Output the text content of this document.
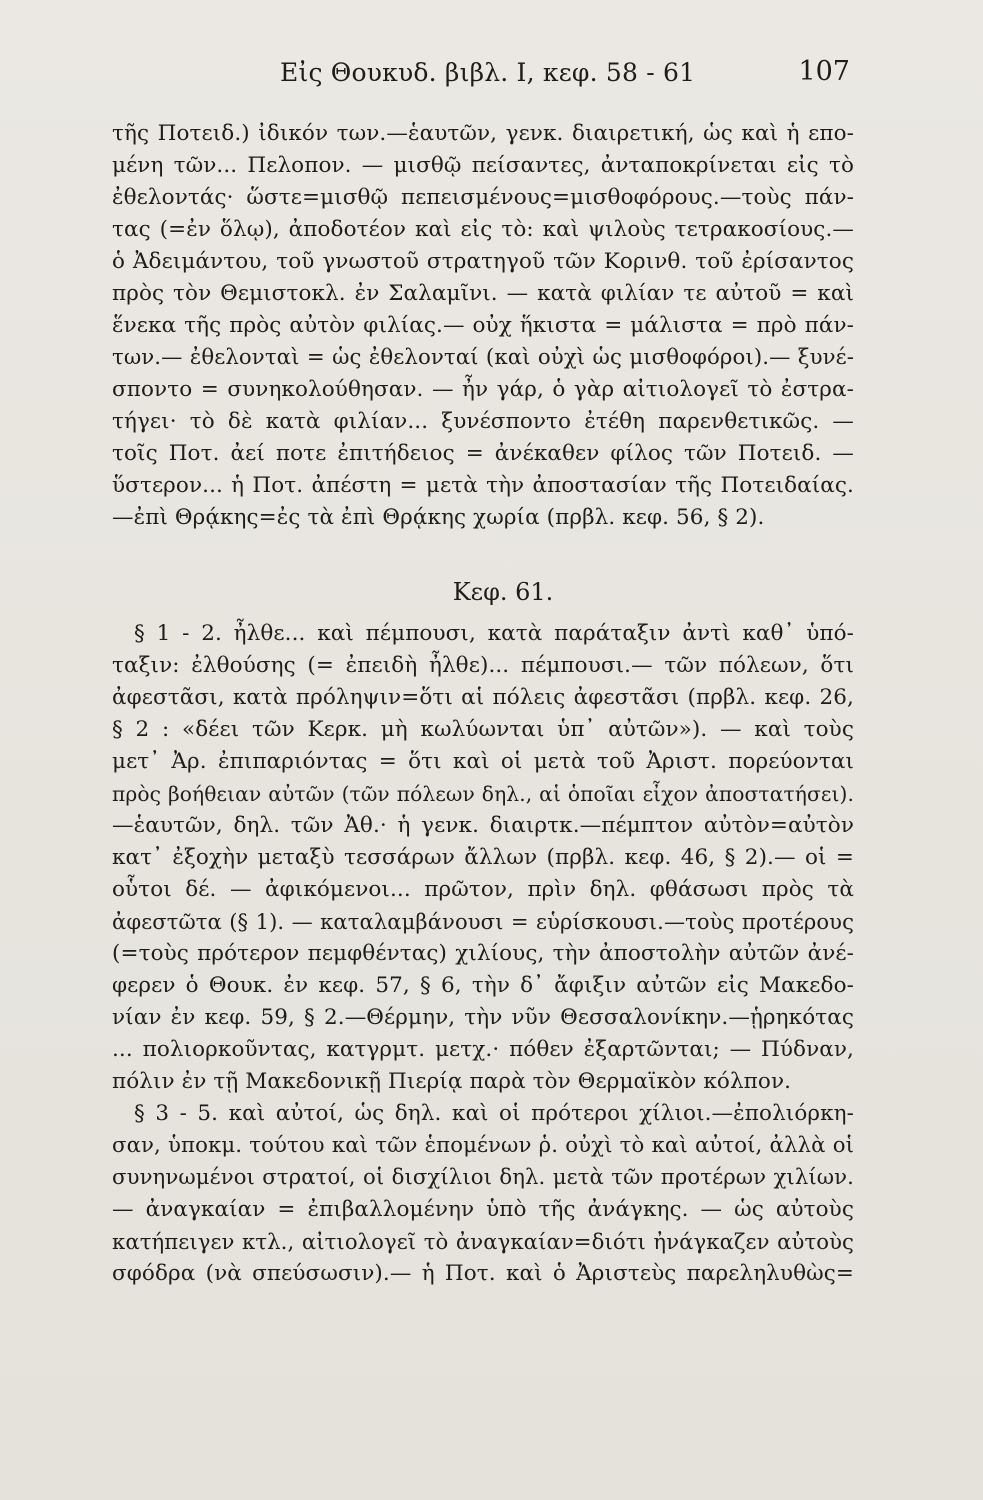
Εἰς Θουκυδ. βιβλ. Ι, κεφ. 58 - 61	107
τῆς Ποτειδ.) ἰδικόν των.—ἑαυτῶν, γενκ. διαιρετική, ὡς καὶ ἡ επο-
μένη τῶν... Πελοπον. — μισθῷ πείσαντες, ἀνταποκρίνεται εἰς τὸ
ἐθελοντάς· ὥστε=μισθῷ πεπεισμένους=μισθοφόρους.—τοὺς πάν-
τας (=ἐν ὅλῳ), ἀποδοτέον καὶ εἰς τὸ: καὶ ψιλοὺς τετρακοσίους.—
ὁ Ἀδειμάντου, τοῦ γνωστοῦ στρατηγοῦ τῶν Κορινθ. τοῦ ἐρίσαντος
πρὸς τὸν Θεμιστοκλ. ἐν Σαλαμῖνι. — κατὰ φιλίαν τε αὐτοῦ = καὶ
ἕνεκα τῆς πρὸς αὐτὸν φιλίας.— οὐχ ἥκιστα = μάλιστα = πρὸ πάν-
των.— ἐθελονταὶ = ὡς ἐθελονταί (καὶ οὐχὶ ὡς μισθοφόροι).— ξυνέ-
σποντο = συνηκολούθησαν. — ἦν γάρ, ὁ γὰρ αἰτιολογεῖ τὸ ἐστρα-
τήγει· τὸ δὲ κατὰ φιλίαν... ξυνέσποντο ἐτέθη παρενθετικῶς. —
τοῖς Ποτ. ἀεί ποτε ἐπιτήδειος = ἀνέκαθεν φίλος τῶν Ποτειδ. —
ὕστερον... ἡ Ποτ. ἀπέστη = μετὰ τὴν ἀποστασίαν τῆς Ποτειδαίας.
—ἐπὶ Θρᾴκης=ἐς τὰ ἐπὶ Θρᾴκης χωρία (πρβλ. κεφ. 56, § 2).
Κεφ. 61.
§ 1 - 2. ἦλθε... καὶ πέμπουσι, κατὰ παράταξιν ἀντὶ καθ᾽ ὑπό-
ταξιν: ἐλθούσης (= ἐπειδὴ ἦλθε)... πέμπουσι.— τῶν πόλεων, ὅτι
ἀφεστᾶσι, κατὰ πρόληψιν=ὅτι αἱ πόλεις ἀφεστᾶσι (πρβλ. κεφ. 26,
§ 2 : «δέει τῶν Κερκ. μὴ κωλύωνται ὑπ᾽ αὐτῶν»). — καὶ τοὺς
μετ᾽ Ἀρ. ἐπιπαριόντας = ὅτι καὶ οἱ μετὰ τοῦ Ἀριστ. πορεύονται
πρὸς βοήθειαν αὐτῶν (τῶν πόλεων δηλ., αἱ ὁποῖαι εἶχον ἀποστατήσει).
—ἑαυτῶν, δηλ. τῶν Ἀθ.· ἡ γενκ. διαιρτκ.—πέμπτον αὐτὸν=αὐτὸν
κατ᾽ ἐξοχὴν μεταξὺ τεσσάρων ἄλλων (πρβλ. κεφ. 46, § 2).— οἱ =
οὗτοι δέ. — ἀφικόμενοι... πρῶτον, πρὶν δηλ. φθάσωσι πρὸς τὰ
ἀφεστῶτα (§ 1). — καταλαμβάνουσι = εὑρίσκουσι.—τοὺς προτέρους
(=τοὺς πρότερον πεμφθέντας) χιλίους, τὴν ἀποστολὴν αὐτῶν ἀνέ-
φερεν ὁ Θουκ. ἐν κεφ. 57, § 6, τὴν δ᾽ ἄφιξιν αὐτῶν εἰς Μακεδο-
νίαν ἐν κεφ. 59, § 2.—Θέρμην, τὴν νῦν Θεσσαλονίκην.—ᾑρηκότας
... πολιορκοῦντας, κατγρμτ. μετχ.· πόθεν ἐξαρτῶνται; — Πύδναν,
πόλιν ἐν τῇ Μακεδονικῇ Πιερίᾳ παρὰ τὸν Θερμαϊκὸν κόλπον.
§ 3 - 5. καὶ αὐτοί, ὡς δηλ. καὶ οἱ πρότεροι χίλιοι.—ἐπολιόρκη-
σαν, ὑποκμ. τούτου καὶ τῶν ἑπομένων ῥ. οὐχὶ τὸ καὶ αὐτοί, ἀλλὰ οἱ
συνηνωμένοι στρατοί, οἱ δισχίλιοι δηλ. μετὰ τῶν προτέρων χιλίων.
— ἀναγκαίαν = ἐπιβαλλομένην ὑπὸ τῆς ἀνάγκης. — ὡς αὐτοὺς
κατήπειγεν κτλ., αἰτιολογεῖ τὸ ἀναγκαίαν=διότι ἠνάγκαζεν αὐτοὺς
σφόδρα (νὰ σπεύσωσιν).— ἡ Ποτ. καὶ ὁ Ἀριστεὺς παρεληλυθὼς=
